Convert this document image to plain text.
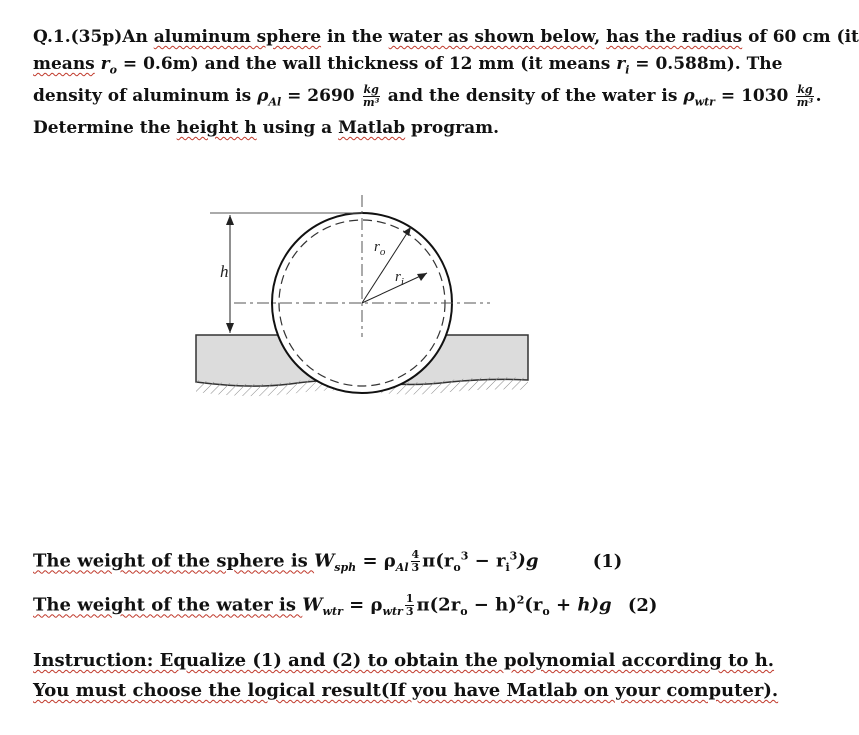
Q.1.(35p)An aluminum sphere in the water as shown below, has the radius of 60 cm (it
means $r_o = 0.6m$) and the wall thickness of 12 mm (it means $r_i = 0.588m$). The
density of aluminum is $\rho_{Al} = 2690 \frac{kg}{\text{m³}}$ and the density of the water is $\rho_{wtr} = 1030 \frac{kg}{\text{m³}}$ .
Determine the height h using a Matlab program.
h
$r_o$
$r_i$
The weight of the sphere is $W_{sph} = \rho_{Al} \frac{4}{3} \pi(r_o^3 - r_i^3)g$	(1)
The weight of the water is $W_{wtr} = \rho_{wtr} \frac{1}{3} \pi(2r_o - h)^2(r_o + h)g$ (2)
Instruction: Equalize (1) and (2) to obtain the polynomial according to h.
You must choose the logical result(If you have Matlab on your computer).
